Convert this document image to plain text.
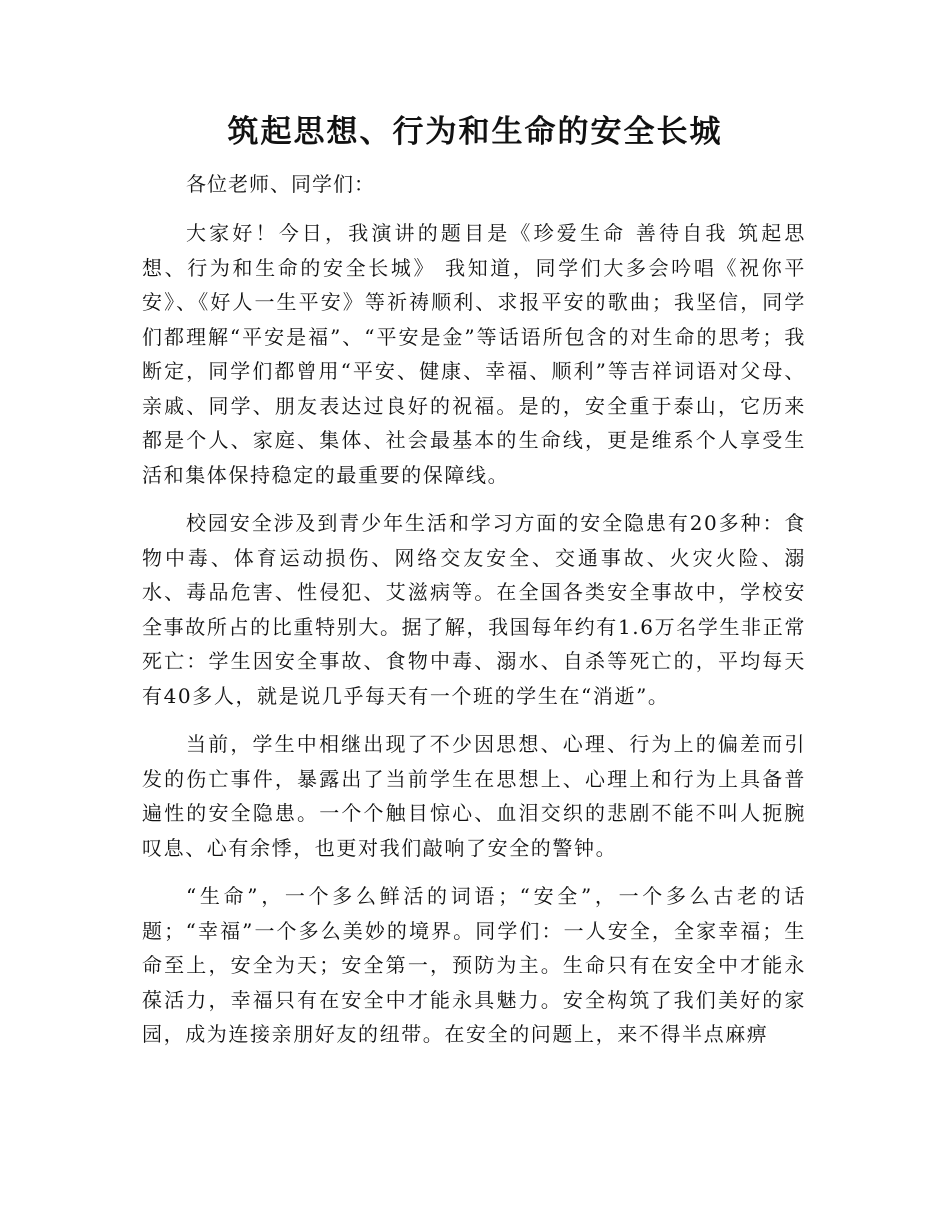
筑起思想、行为和生命的安全长城

各位老师、同学们：

大家好！今日，我演讲的题目是《珍爱生命 善待自我 筑起思想、行为和生命的安全长城》 我知道，同学们大多会吟唱《祝你平安》、《好人一生平安》等祈祷顺利、求报平安的歌曲；我坚信，同学们都理解“平安是福”、“平安是金”等话语所包含的对生命的思考；我断定，同学们都曾用“平安、健康、幸福、顺利”等吉祥词语对父母、亲戚、同学、朋友表达过良好的祝福。是的，安全重于泰山，它历来都是个人、家庭、集体、社会最基本的生命线，更是维系个人享受生活和集体保持稳定的最重要的保障线。

校园安全涉及到青少年生活和学习方面的安全隐患有20多种：食物中毒、体育运动损伤、网络交友安全、交通事故、火灾火险、溺水、毒品危害、性侵犯、艾滋病等。在全国各类安全事故中，学校安全事故所占的比重特别大。据了解，我国每年约有1.6万名学生非正常死亡：学生因安全事故、食物中毒、溺水、自杀等死亡的，平均每天有40多人，就是说几乎每天有一个班的学生在“消逝”。

当前，学生中相继出现了不少因思想、心理、行为上的偏差而引发的伤亡事件，暴露出了当前学生在思想上、心理上和行为上具备普遍性的安全隐患。一个个触目惊心、血泪交织的悲剧不能不叫人扼腕叹息、心有余悸，也更对我们敲响了安全的警钟。

“生命”，一个多么鲜活的词语；“安全”，一个多么古老的话题；“幸福”一个多么美妙的境界。同学们：一人安全，全家幸福；生命至上，安全为天；安全第一，预防为主。生命只有在安全中才能永葆活力，幸福只有在安全中才能永具魅力。安全构筑了我们美好的家园，成为连接亲朋好友的纽带。在安全的问题上，来不得半点麻痹
